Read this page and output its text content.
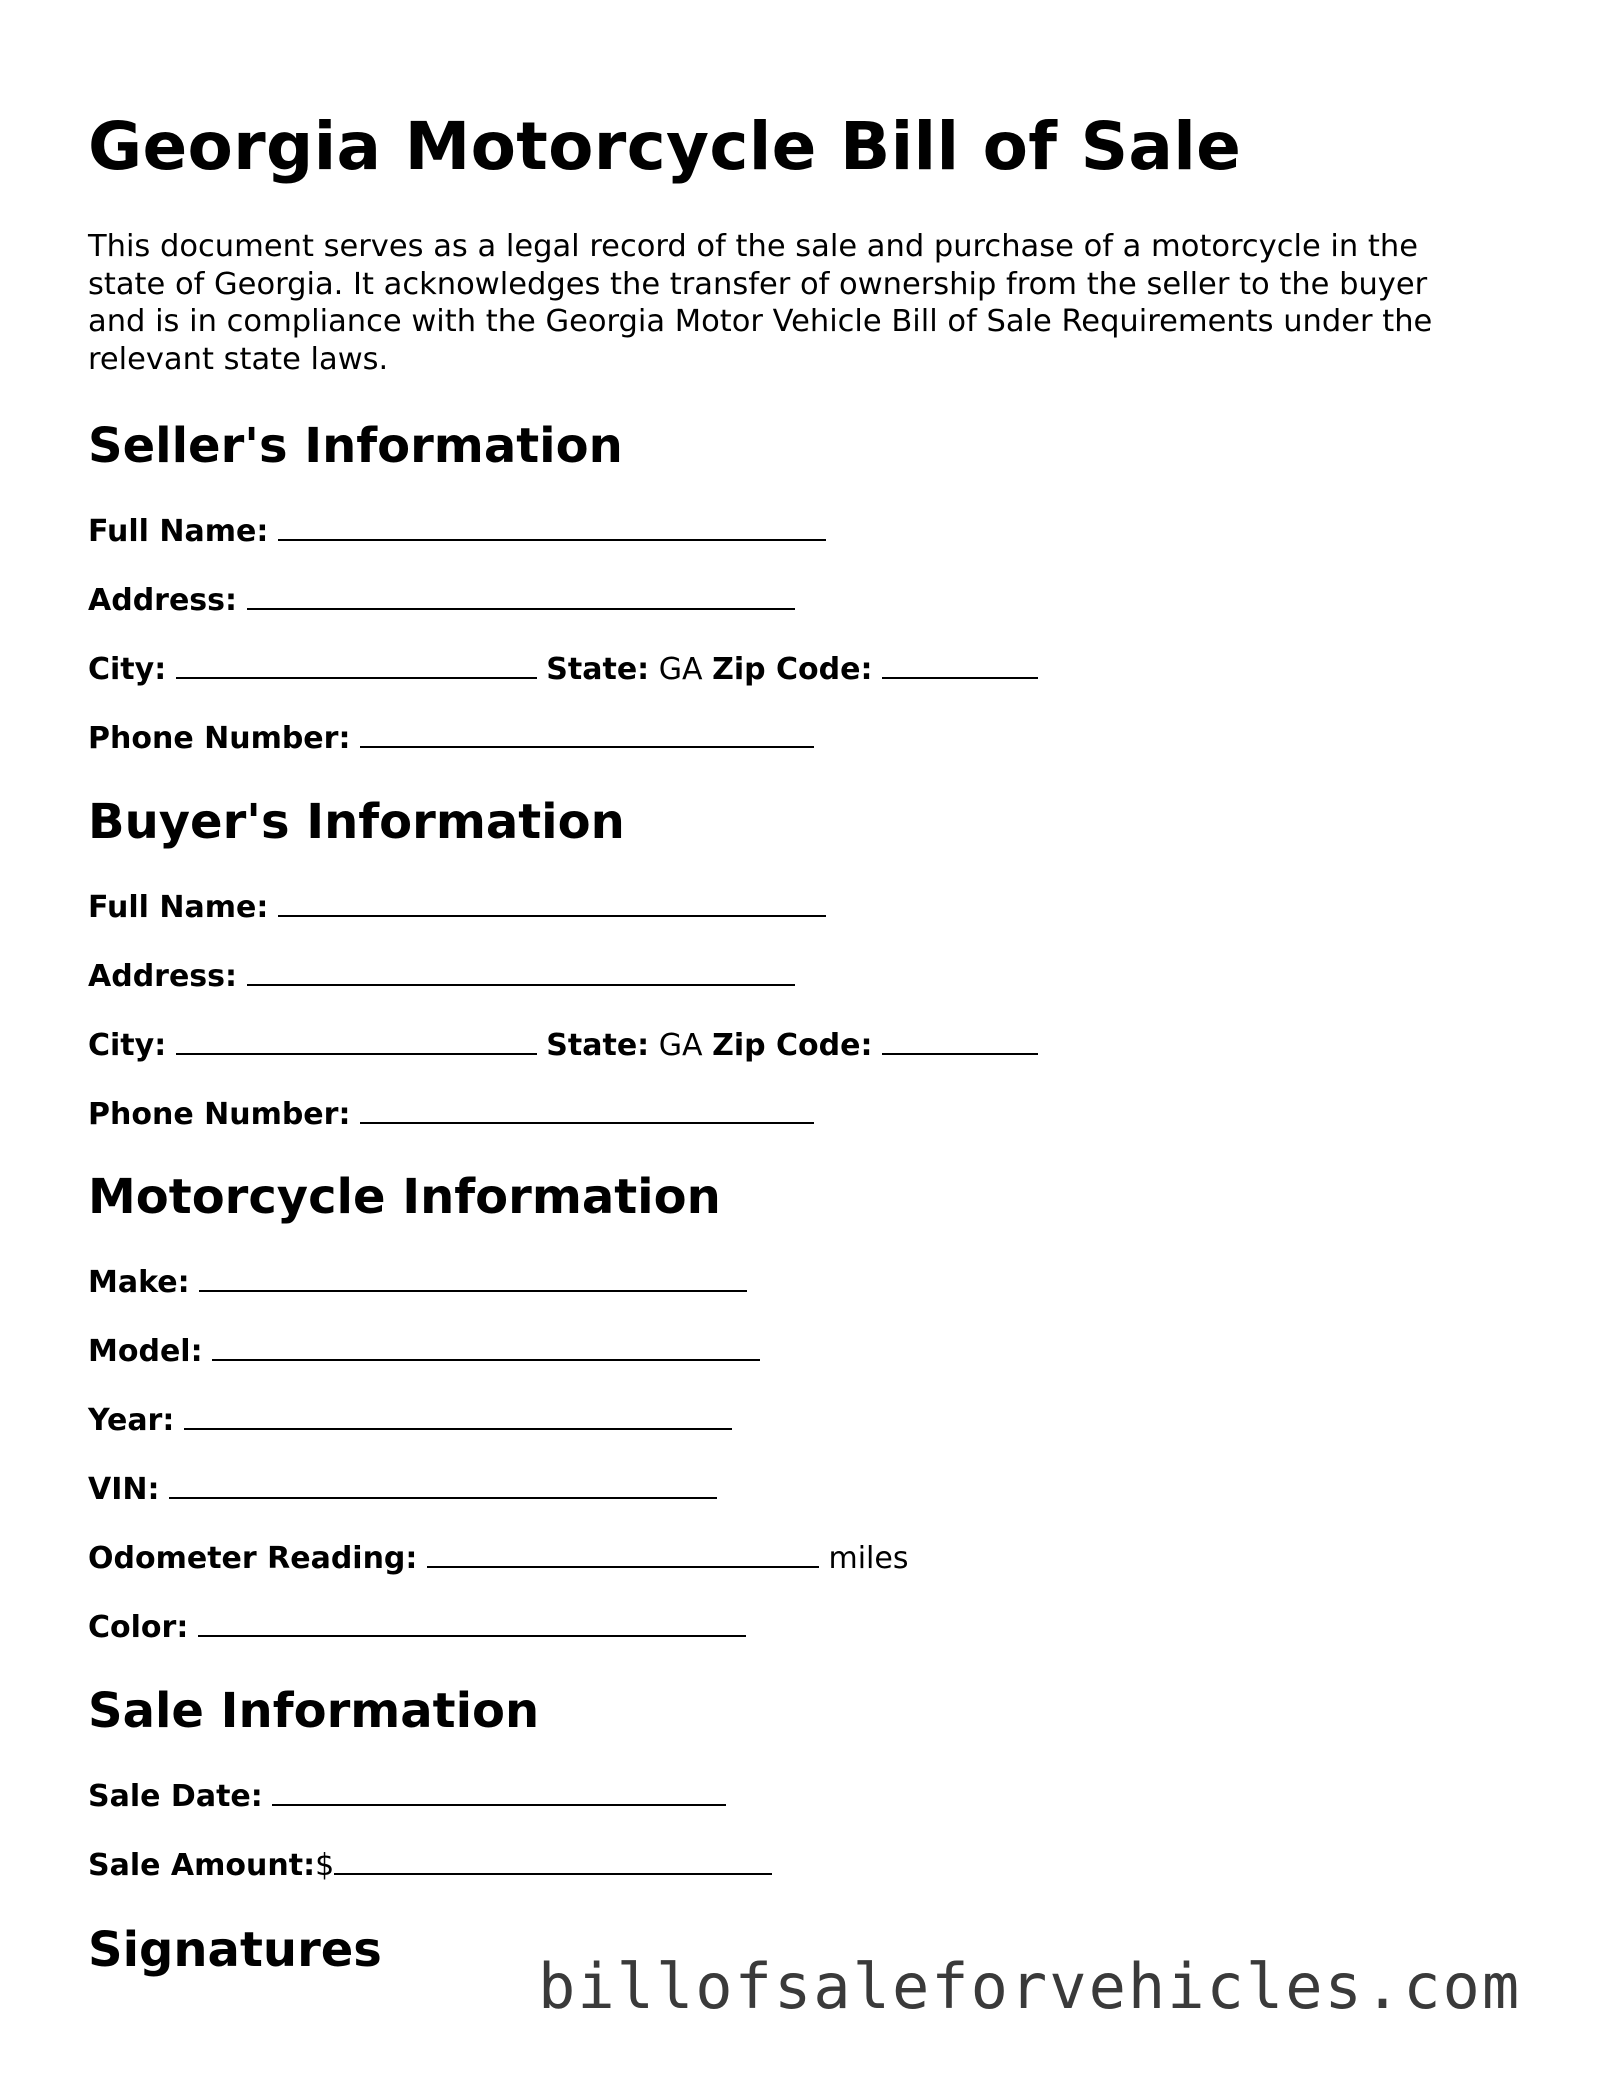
Georgia Motorcycle Bill of Sale

This document serves as a legal record of the sale and purchase of a motorcycle in the state of Georgia. It acknowledges the transfer of ownership from the seller to the buyer and is in compliance with the Georgia Motor Vehicle Bill of Sale Requirements under the relevant state laws.

Seller's Information
Full Name:
Address:
City:	State: GA Zip Code:
Phone Number:
Buyer's Information
Full Name:
Address:
City:	State: GA Zip Code:
Phone Number:
Motorcycle Information
Make:
Model:
Year:
VIN:
Odometer Reading:	miles
Color:
Sale Information
Sale Date:
Sale Amount:$
Signatures	billofsaleforvehicles.com
